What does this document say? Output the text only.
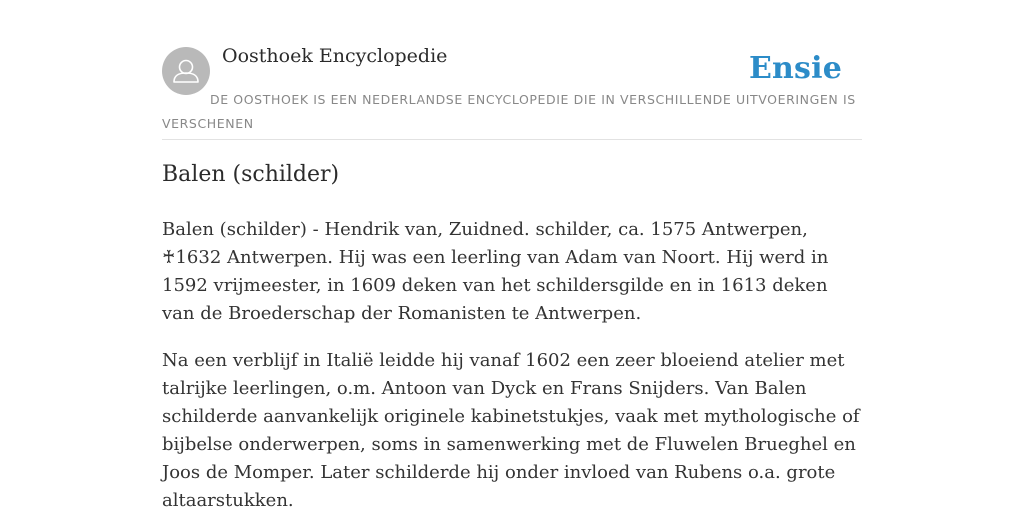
Oosthoek Encyclopedie	Ensie
DE OOSTHOEK IS EEN NEDERLANDSE ENCYCLOPEDIE DIE IN VERSCHILLENDE UITVOERINGEN IS VERSCHENEN
Balen (schilder)

Balen (schilder) - Hendrik van, Zuidned. schilder, ca. 1575 Antwerpen, ♰1632 Antwerpen. Hij was een leerling van Adam van Noort. Hij werd in 1592 vrijmeester, in 1609 deken van het schildersgilde en in 1613 deken van de Broederschap der Romanisten te Antwerpen.

Na een verblijf in Italië leidde hij vanaf 1602 een zeer bloeiend atelier met talrijke leerlingen, o.m. Antoon van Dyck en Frans Snijders. Van Balen schilderde aanvankelijk originele kabinetstukjes, vaak met mythologische of bijbelse onderwerpen, soms in samenwerking met de Fluwelen Brueghel en Joos de Momper. Later schilderde hij onder invloed van Rubens o.a. grote altaarstukken.
